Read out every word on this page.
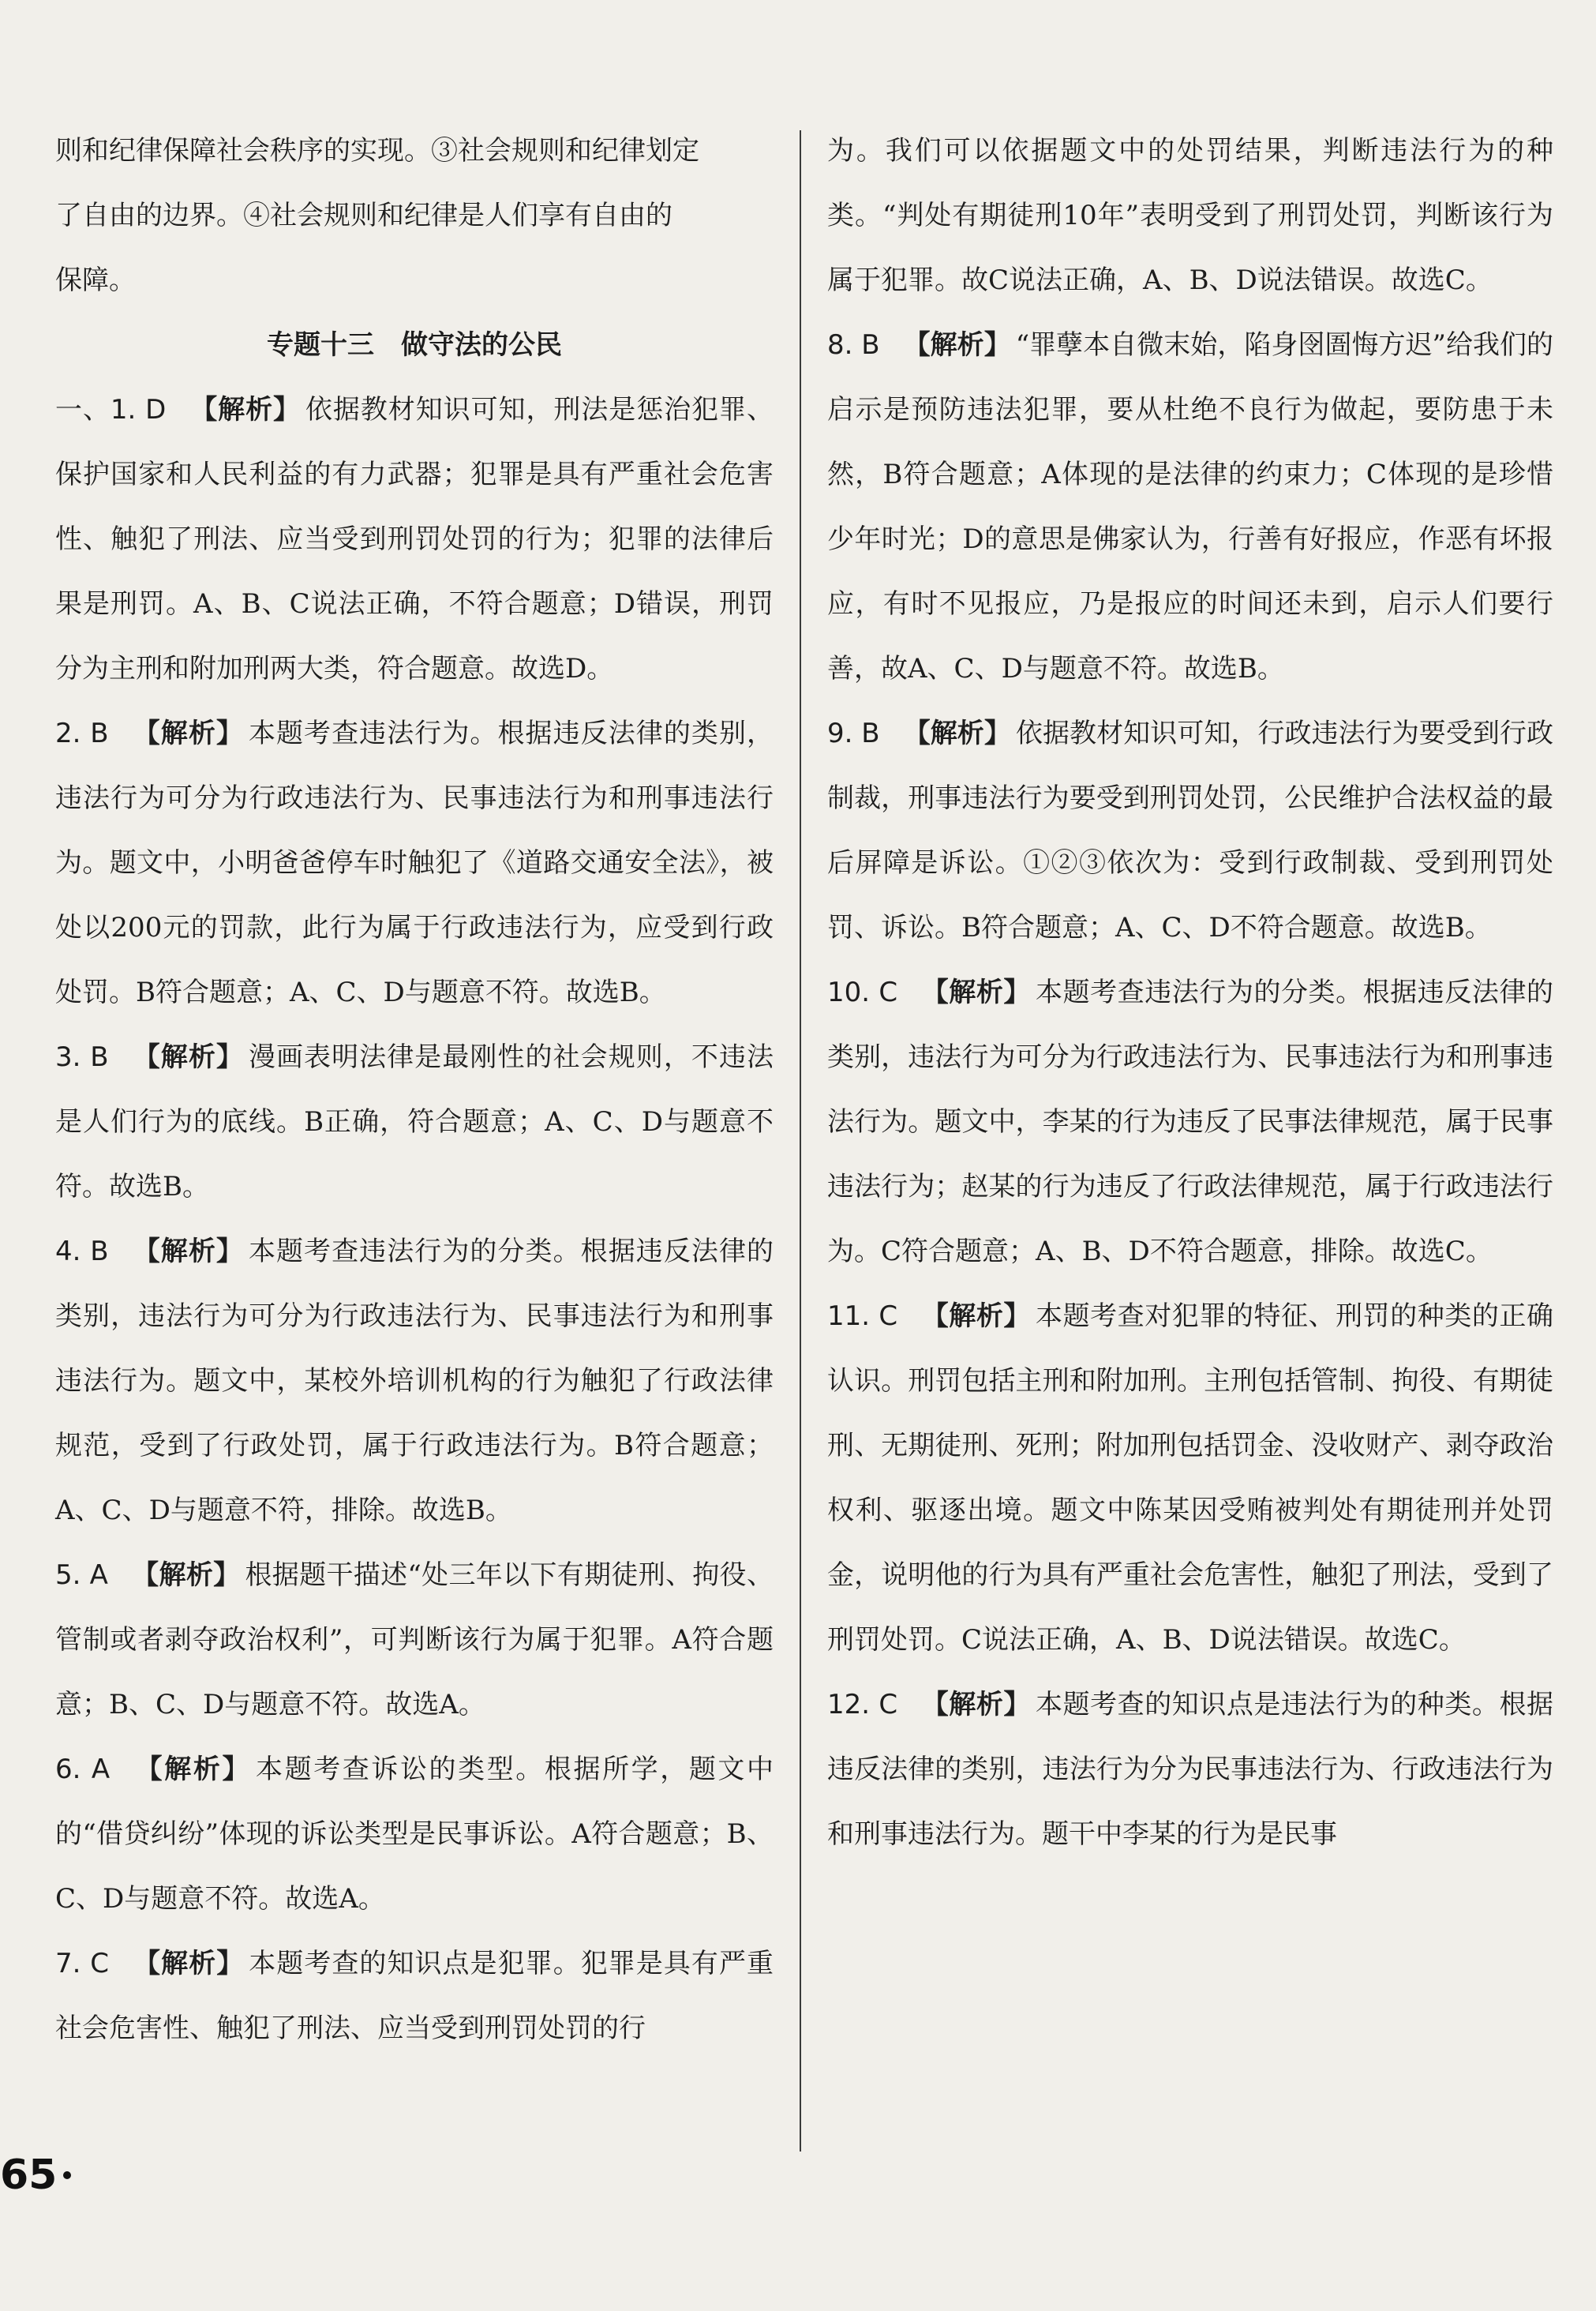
则和纪律保障社会秩序的实现。③社会规则和纪律划定

了自由的边界。④社会规则和纪律是人们享有自由的

保障。

专题十三　做守法的公民

一、1. D 【解析】 依据教材知识可知，刑法是惩治犯罪、保护国家和人民利益的有力武器；犯罪是具有严重社会危害性、触犯了刑法、应当受到刑罚处罚的行为；犯罪的法律后果是刑罚。A、B、C说法正确，不符合题意；D错误，刑罚分为主刑和附加刑两大类，符合题意。故选D。

2. B 【解析】 本题考查违法行为。根据违反法律的类别，违法行为可分为行政违法行为、民事违法行为和刑事违法行为。题文中，小明爸爸停车时触犯了《道路交通安全法》，被处以200元的罚款，此行为属于行政违法行为，应受到行政处罚。B符合题意；A、C、D与题意不符。故选B。

3. B 【解析】 漫画表明法律是最刚性的社会规则，不违法是人们行为的底线。B正确，符合题意；A、C、D与题意不符。故选B。

4. B 【解析】 本题考查违法行为的分类。根据违反法律的类别，违法行为可分为行政违法行为、民事违法行为和刑事违法行为。题文中，某校外培训机构的行为触犯了行政法律规范，受到了行政处罚，属于行政违法行为。B符合题意；A、C、D与题意不符，排除。故选B。

5. A 【解析】 根据题干描述“处三年以下有期徒刑、拘役、管制或者剥夺政治权利”，可判断该行为属于犯罪。A符合题意；B、C、D与题意不符。故选A。

6. A 【解析】 本题考查诉讼的类型。根据所学，题文中的“借贷纠纷”体现的诉讼类型是民事诉讼。A符合题意；B、C、D与题意不符。故选A。

7. C 【解析】 本题考查的知识点是犯罪。犯罪是具有严重社会危害性、触犯了刑法、应当受到刑罚处罚的行

为。我们可以依据题文中的处罚结果，判断违法行为的种类。“判处有期徒刑10年”表明受到了刑罚处罚，判断该行为属于犯罪。故C说法正确，A、B、D说法错误。故选C。

8. B 【解析】 “罪孽本自微末始，陷身囹圄悔方迟”给我们的启示是预防违法犯罪，要从杜绝不良行为做起，要防患于未然，B符合题意；A体现的是法律的约束力；C体现的是珍惜少年时光；D的意思是佛家认为，行善有好报应，作恶有坏报应，有时不见报应，乃是报应的时间还未到，启示人们要行善，故A、C、D与题意不符。故选B。

9. B 【解析】 依据教材知识可知，行政违法行为要受到行政制裁，刑事违法行为要受到刑罚处罚，公民维护合法权益的最后屏障是诉讼。①②③依次为：受到行政制裁、受到刑罚处罚、诉讼。B符合题意；A、C、D不符合题意。故选B。

10. C 【解析】 本题考查违法行为的分类。根据违反法律的类别，违法行为可分为行政违法行为、民事违法行为和刑事违法行为。题文中，李某的行为违反了民事法律规范，属于民事违法行为；赵某的行为违反了行政法律规范，属于行政违法行为。C符合题意；A、B、D不符合题意，排除。故选C。

11. C 【解析】 本题考查对犯罪的特征、刑罚的种类的正确认识。刑罚包括主刑和附加刑。主刑包括管制、拘役、有期徒刑、无期徒刑、死刑；附加刑包括罚金、没收财产、剥夺政治权利、驱逐出境。题文中陈某因受贿被判处有期徒刑并处罚金，说明他的行为具有严重社会危害性，触犯了刑法，受到了刑罚处罚。C说法正确，A、B、D说法错误。故选C。

12. C 【解析】 本题考查的知识点是违法行为的种类。根据违反法律的类别，违法行为分为民事违法行为、行政违法行为和刑事违法行为。题干中李某的行为是民事

65
